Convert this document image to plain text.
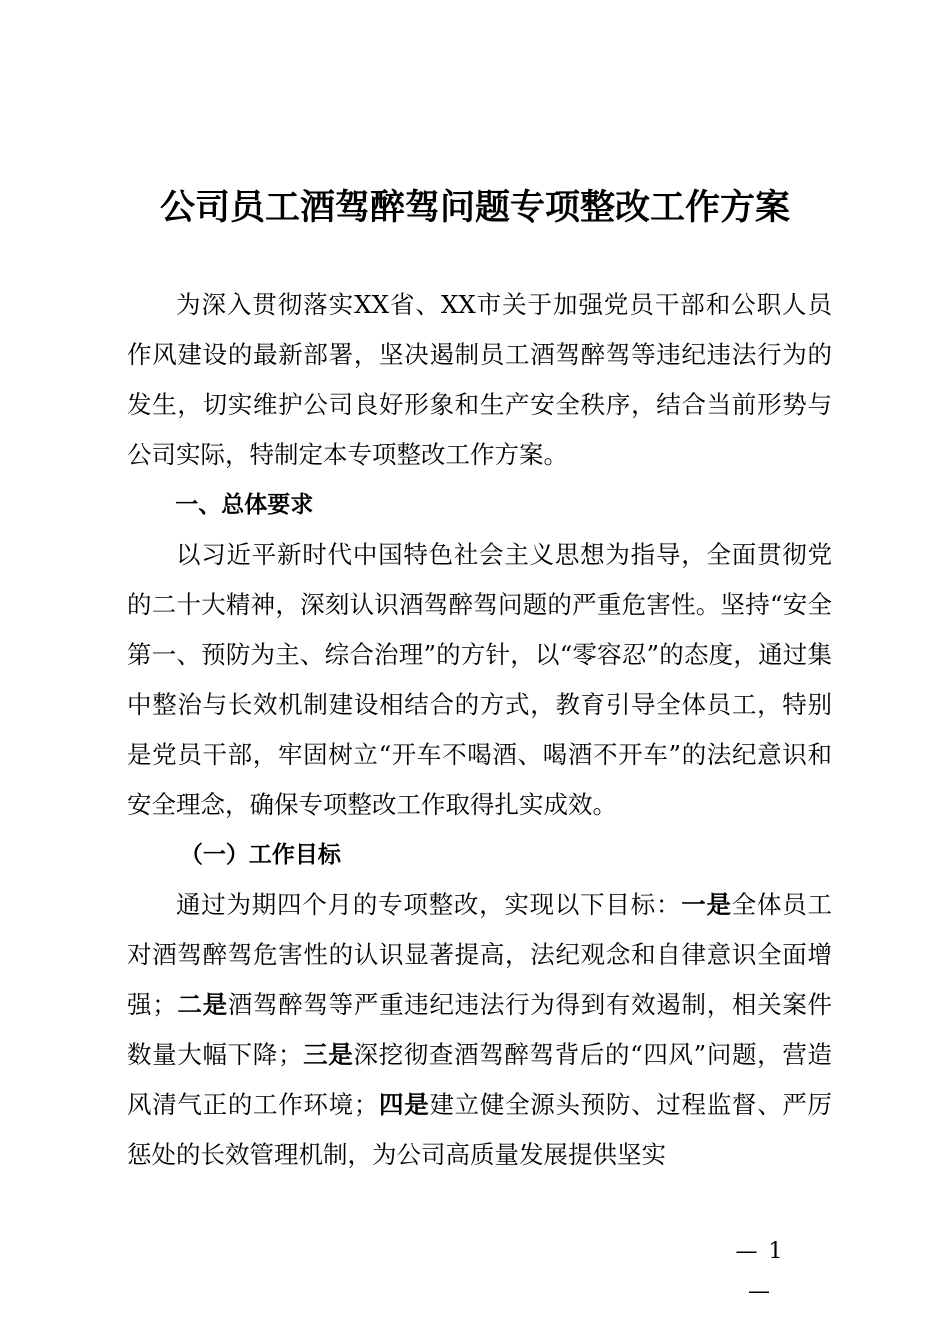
公司员工酒驾醉驾问题专项整改工作方案

为深入贯彻落实XX省、XX市关于加强党员干部和公职人员作风建设的最新部署，坚决遏制员工酒驾醉驾等违纪违法行为的发生，切实维护公司良好形象和生产安全秩序，结合当前形势与公司实际，特制定本专项整改工作方案。

一、总体要求

以习近平新时代中国特色社会主义思想为指导，全面贯彻党的二十大精神，深刻认识酒驾醉驾问题的严重危害性。坚持“安全第一、预防为主、综合治理”的方针，以“零容忍”的态度，通过集中整治与长效机制建设相结合的方式，教育引导全体员工，特别是党员干部，牢固树立“开车不喝酒、喝酒不开车”的法纪意识和安全理念，确保专项整改工作取得扎实成效。

（一）工作目标

通过为期四个月的专项整改，实现以下目标：一是全体员工对酒驾醉驾危害性的认识显著提高，法纪观念和自律意识全面增强；二是酒驾醉驾等严重违纪违法行为得到有效遏制，相关案件数量大幅下降；三是深挖彻查酒驾醉驾背后的“四风”问题，营造风清气正的工作环境；四是建立健全源头预防、过程监督、严厉惩处的长效管理机制，为公司高质量发展提供坚实

— 1 —
